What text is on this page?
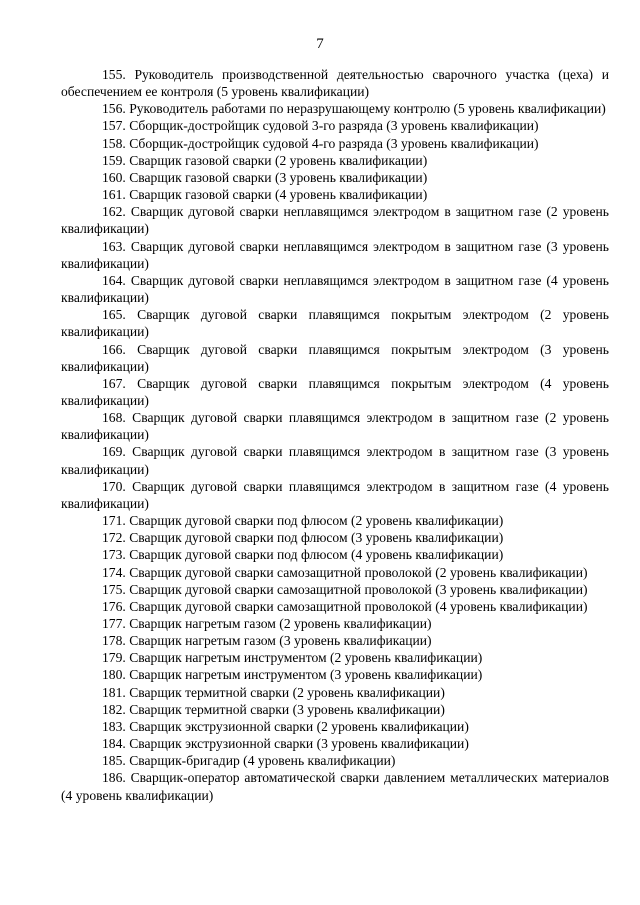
7

155. Руководитель производственной деятельностью сварочного участка (цеха) и обеспечением ее контроля (5 уровень квалификации)

156. Руководитель работами по неразрушающему контролю (5 уровень квалификации)

157. Сборщик-достройщик судовой 3-го разряда (3 уровень квалификации)

158. Сборщик-достройщик судовой 4-го разряда (3 уровень квалификации)

159. Сварщик газовой сварки (2 уровень квалификации)

160. Сварщик газовой сварки (3 уровень квалификации)

161. Сварщик газовой сварки (4 уровень квалификации)

162. Сварщик дуговой сварки неплавящимся электродом в защитном газе (2 уровень квалификации)

163. Сварщик дуговой сварки неплавящимся электродом в защитном газе (3 уровень квалификации)

164. Сварщик дуговой сварки неплавящимся электродом в защитном газе (4 уровень квалификации)

165. Сварщик дуговой сварки плавящимся покрытым электродом (2 уровень квалификации)

166. Сварщик дуговой сварки плавящимся покрытым электродом (3 уровень квалификации)

167. Сварщик дуговой сварки плавящимся покрытым электродом (4 уровень квалификации)

168. Сварщик дуговой сварки плавящимся электродом в защитном газе (2 уровень квалификации)

169. Сварщик дуговой сварки плавящимся электродом в защитном газе (3 уровень квалификации)

170. Сварщик дуговой сварки плавящимся электродом в защитном газе (4 уровень квалификации)

171. Сварщик дуговой сварки под флюсом (2 уровень квалификации)

172. Сварщик дуговой сварки под флюсом (3 уровень квалификации)

173. Сварщик дуговой сварки под флюсом (4 уровень квалификации)

174. Сварщик дуговой сварки самозащитной проволокой (2 уровень квалификации)

175. Сварщик дуговой сварки самозащитной проволокой (3 уровень квалификации)

176. Сварщик дуговой сварки самозащитной проволокой (4 уровень квалификации)

177. Сварщик нагретым газом (2 уровень квалификации)

178. Сварщик нагретым газом (3 уровень квалификации)

179. Сварщик нагретым инструментом (2 уровень квалификации)

180. Сварщик нагретым инструментом (3 уровень квалификации)

181. Сварщик термитной сварки (2 уровень квалификации)

182. Сварщик термитной сварки (3 уровень квалификации)

183. Сварщик экструзионной сварки (2 уровень квалификации)

184. Сварщик экструзионной сварки (3 уровень квалификации)

185. Сварщик-бригадир (4 уровень квалификации)

186. Сварщик-оператор автоматической сварки давлением металлических материалов (4 уровень квалификации)
